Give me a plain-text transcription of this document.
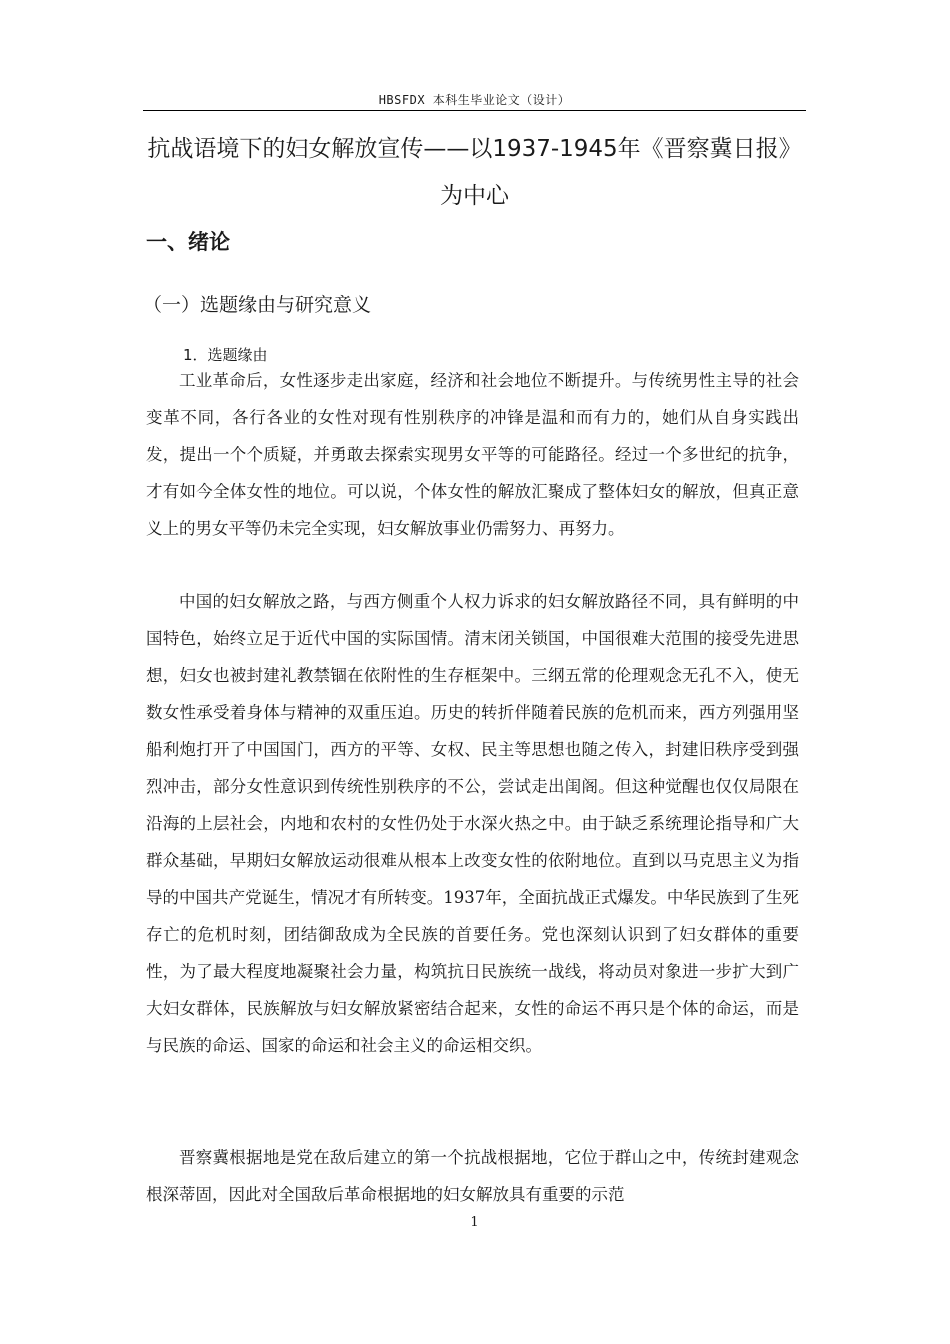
HBSFDX 本科生毕业论文（设计）
抗战语境下的妇女解放宣传——以1937-1945年《晋察冀日报》为中心
一、绪论
（一）选题缘由与研究意义
1．选题缘由

工业革命后，女性逐步走出家庭，经济和社会地位不断提升。与传统男性主导的社会变革不同，各行各业的女性对现有性别秩序的冲锋是温和而有力的，她们从自身实践出发，提出一个个质疑，并勇敢去探索实现男女平等的可能路径。经过一个多世纪的抗争，才有如今全体女性的地位。可以说，个体女性的解放汇聚成了整体妇女的解放，但真正意义上的男女平等仍未完全实现，妇女解放事业仍需努力、再努力。

中国的妇女解放之路，与西方侧重个人权力诉求的妇女解放路径不同，具有鲜明的中国特色，始终立足于近代中国的实际国情。清末闭关锁国，中国很难大范围的接受先进思想，妇女也被封建礼教禁锢在依附性的生存框架中。三纲五常的伦理观念无孔不入，使无数女性承受着身体与精神的双重压迫。历史的转折伴随着民族的危机而来，西方列强用坚船利炮打开了中国国门，西方的平等、女权、民主等思想也随之传入，封建旧秩序受到强烈冲击，部分女性意识到传统性别秩序的不公，尝试走出闺阁。但这种觉醒也仅仅局限在沿海的上层社会，内地和农村的女性仍处于水深火热之中。由于缺乏系统理论指导和广大群众基础，早期妇女解放运动很难从根本上改变女性的依附地位。直到以马克思主义为指导的中国共产党诞生，情况才有所转变。1937年，全面抗战正式爆发。中华民族到了生死存亡的危机时刻，团结御敌成为全民族的首要任务。党也深刻认识到了妇女群体的重要性，为了最大程度地凝聚社会力量，构筑抗日民族统一战线，将动员对象进一步扩大到广大妇女群体，民族解放与妇女解放紧密结合起来，女性的命运不再只是个体的命运，而是与民族的命运、国家的命运和社会主义的命运相交织。

晋察冀根据地是党在敌后建立的第一个抗战根据地，它位于群山之中，传统封建观念根深蒂固，因此对全国敌后革命根据地的妇女解放具有重要的示范

1
